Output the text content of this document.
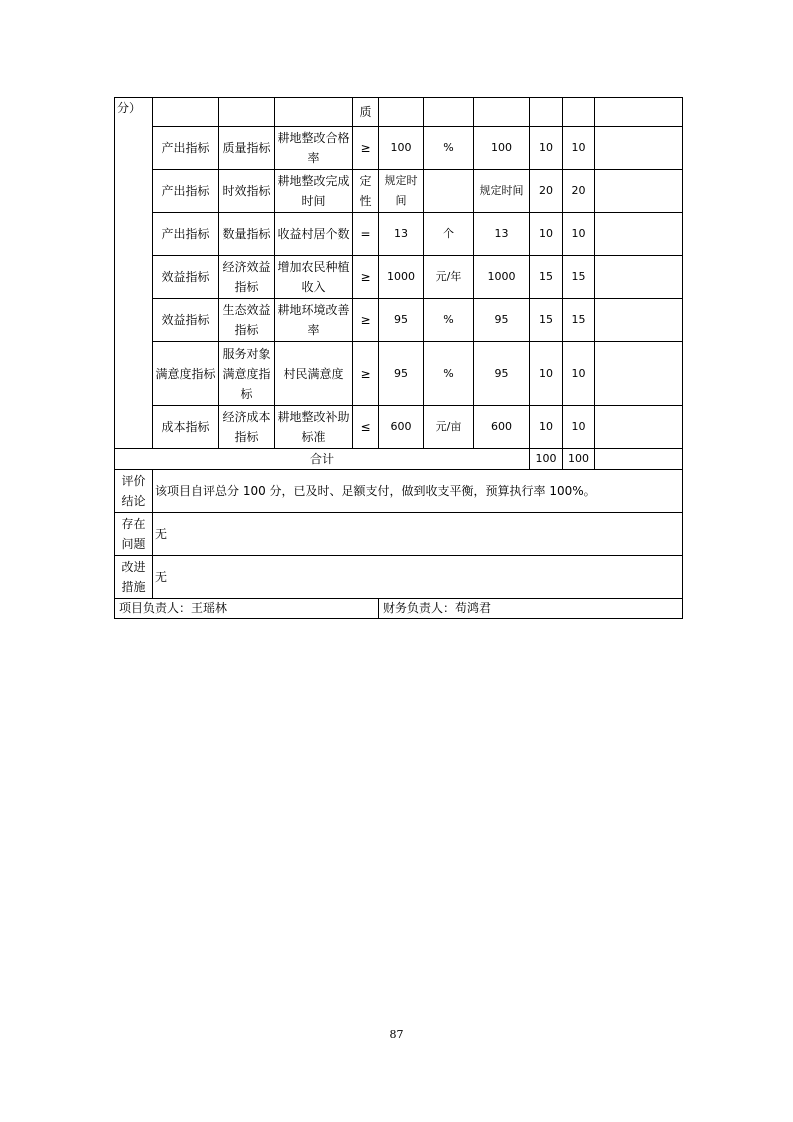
分）				质						
	产出指标	质量指标	耕地整改合格率	≥	100	%	100	10	10	
	产出指标	时效指标	耕地整改完成时间	定性	规定时间		规定时间	20	20	
	产出指标	数量指标	收益村居个数	=	13	个	13	10	10	
	效益指标	经济效益指标	增加农民种植收入	≥	1000	元/年	1000	15	15	
	效益指标	生态效益指标	耕地环境改善率	≥	95	%	95	15	15	
	满意度指标	服务对象满意度指标	村民满意度	≥	95	%	95	10	10	
	成本指标	经济成本指标	耕地整改补助标准	≤	600	元/亩	600	10	10	
合计								100	100	
评价结论	该项目自评总分 100 分，已及时、足额支付，做到收支平衡，预算执行率 100%。									
存在问题	无									
改进措施	无									
项目负责人：王瑶林					财务负责人：苟鸿君					
87
